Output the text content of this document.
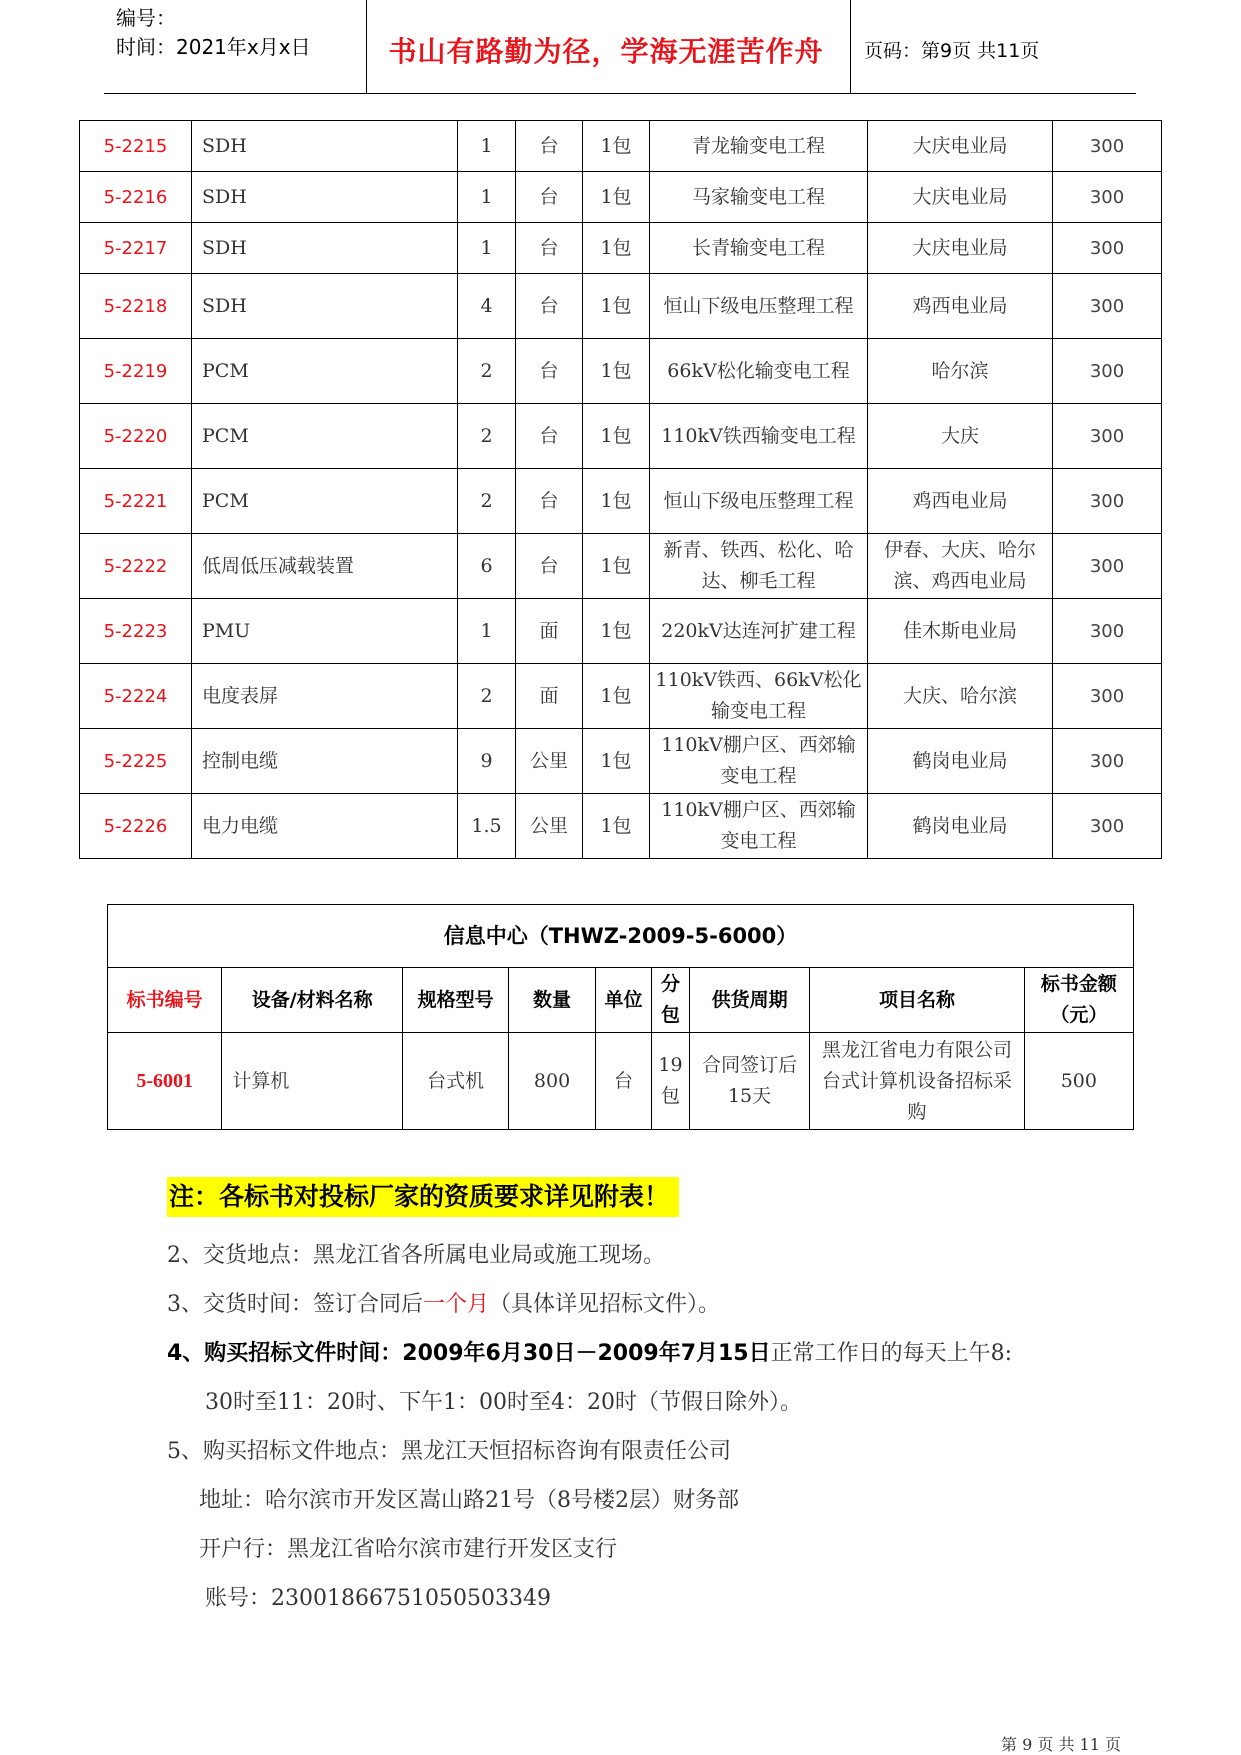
编号：
时间：2021年x月x日	书山有路勤为径，学海无涯苦作舟	页码：第9页 共11页
5-2215	SDH	1	台	1包	青龙输变电工程	大庆电业局	300
5-2216	SDH	1	台	1包	马家输变电工程	大庆电业局	300
5-2217	SDH	1	台	1包	长青输变电工程	大庆电业局	300
5-2218	SDH	4	台	1包	恒山下级电压整理工程	鸡西电业局	300
5-2219	PCM	2	台	1包	66kV松化输变电工程	哈尔滨	300
5-2220	PCM	2	台	1包	110kV铁西输变电工程	大庆	300
5-2221	PCM	2	台	1包	恒山下级电压整理工程	鸡西电业局	300
5-2222	低周低压减载装置	6	台	1包	新青、铁西、松化、哈达、柳毛工程	伊春、大庆、哈尔滨、鸡西电业局	300
5-2223	PMU	1	面	1包	220kV达连河扩建工程	佳木斯电业局	300
5-2224	电度表屏	2	面	1包	110kV铁西、66kV松化输变电工程	大庆、哈尔滨	300
5-2225	控制电缆	9	公里	1包	110kV棚户区、西郊输变电工程	鹤岗电业局	300
5-2226	电力电缆	1.5	公里	1包	110kV棚户区、西郊输变电工程	鹤岗电业局	300
信息中心（THWZ-2009-5-6000）								
标书编号	设备/材料名称	规格型号	数量	单位	分包	供货周期	项目名称	标书金额（元）
5-6001	计算机	台式机	800	台	19包	合同签订后15天	黑龙江省电力有限公司台式计算机设备招标采购	500
注：各标书对投标厂家的资质要求详见附表！
2、交货地点：黑龙江省各所属电业局或施工现场。
3、交货时间：签订合同后一个月（具体详见招标文件）。
4、购买招标文件时间：2009年6月30日－2009年7月15日正常工作日的每天上午8:
30时至11：20时、下午1：00时至4：20时（节假日除外）。
5、购买招标文件地点：黑龙江天恒招标咨询有限责任公司
地址：哈尔滨市开发区嵩山路21号（8号楼2层）财务部
开户行：黑龙江省哈尔滨市建行开发区支行
账号：23001866751050503349
第 9 页 共 11 页
